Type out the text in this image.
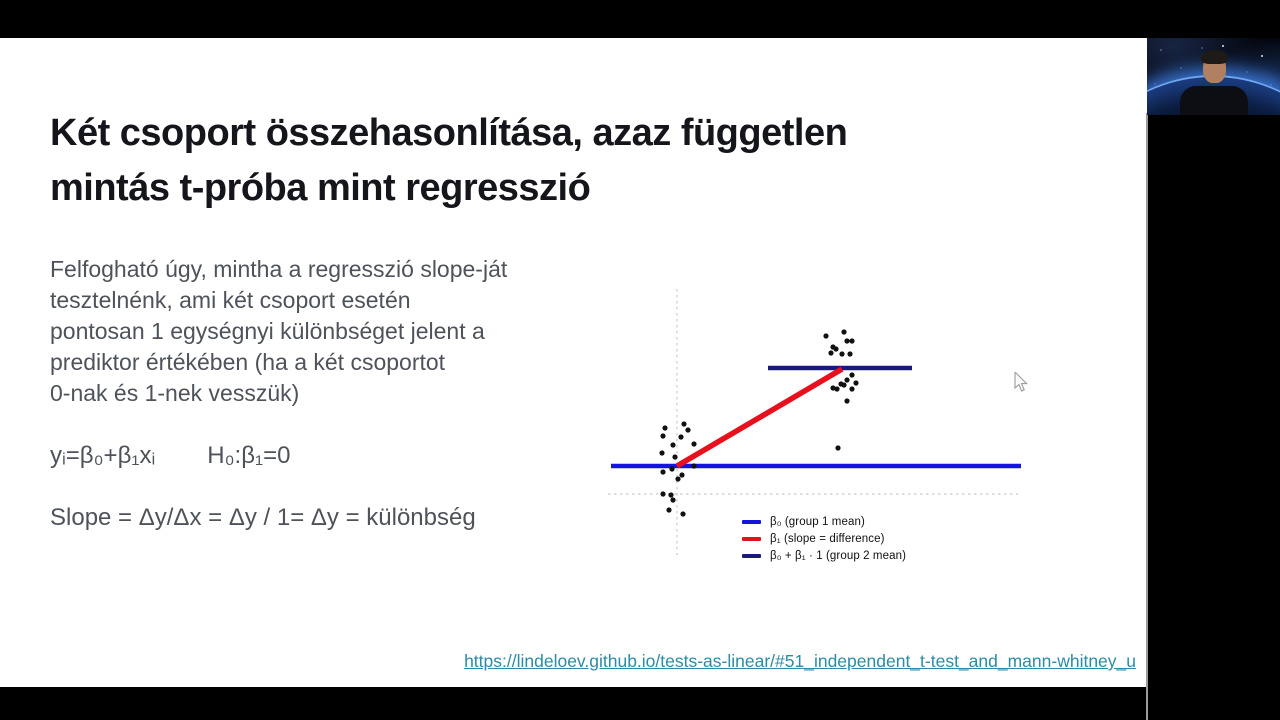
Két csoport összehasonlítása, azaz független
mintás t-próba mint regresszió
Felfogható úgy, mintha a regresszió slope-ját
tesztelnénk, ami két csoport esetén
pontosan 1 egységnyi különbséget jelent a
prediktor értékében (ha a két csoportot
0-nak és 1-nek vesszük)
yᵢ=β₀+β₁xᵢ H₀:β₁=0
Slope = Δy/Δx = Δy / 1= Δy = különbség	β₀ (group 1 mean)
β₁ (slope = difference)
β₀ + β₁ · 1 (group 2 mean)
https://lindeloev.github.io/tests-as-linear/#51_independent_t-test_and_mann-whitney_u
